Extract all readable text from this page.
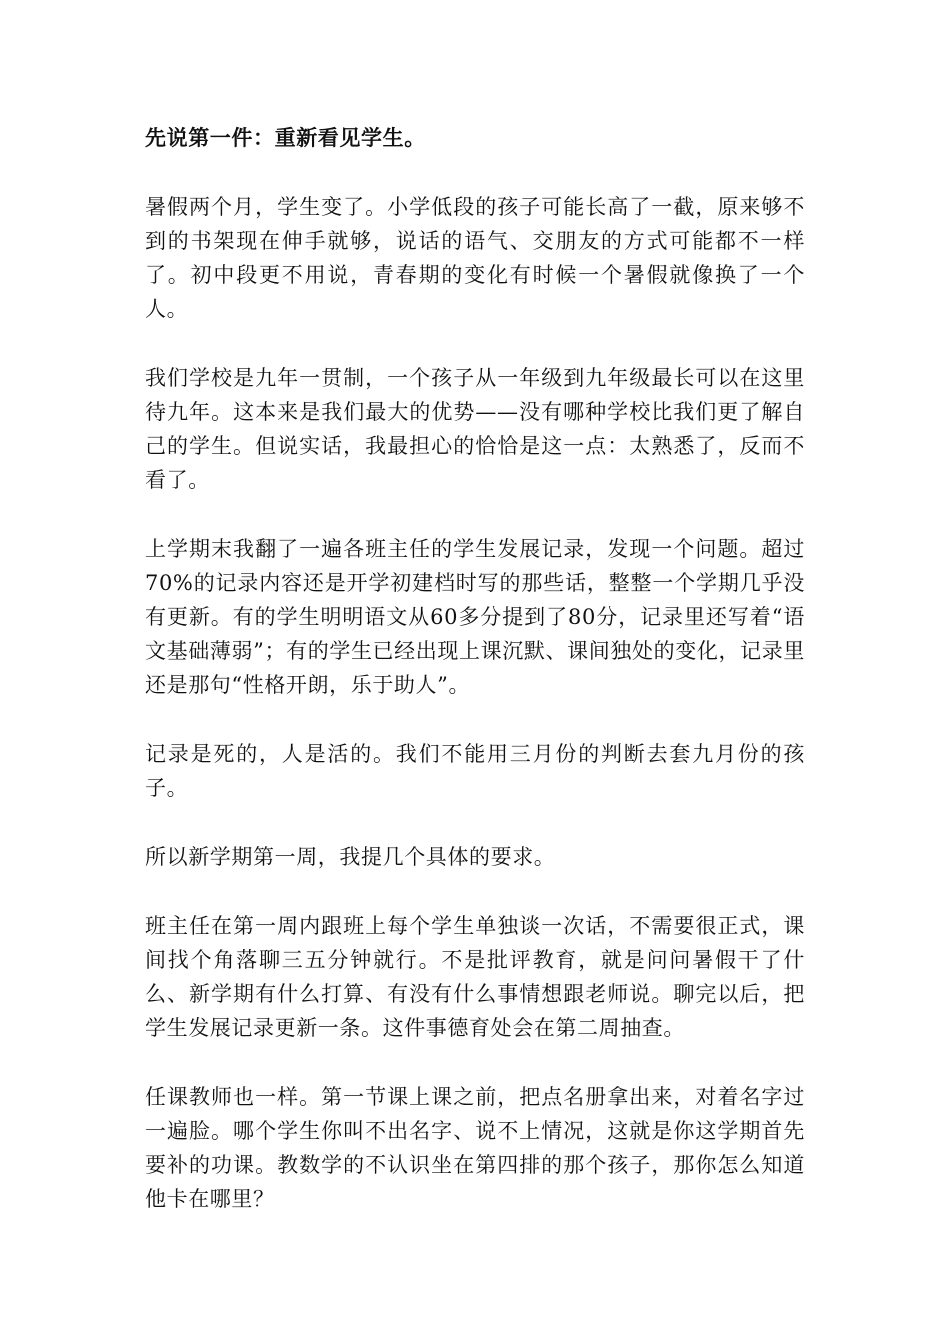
先说第一件：重新看见学生。

暑假两个月，学生变了。小学低段的孩子可能长高了一截，原来够不到的书架现在伸手就够，说话的语气、交朋友的方式可能都不一样了。初中段更不用说，青春期的变化有时候一个暑假就像换了一个人。

我们学校是九年一贯制，一个孩子从一年级到九年级最长可以在这里待九年。这本来是我们最大的优势——没有哪种学校比我们更了解自己的学生。但说实话，我最担心的恰恰是这一点：太熟悉了，反而不看了。

上学期末我翻了一遍各班主任的学生发展记录，发现一个问题。超过70%的记录内容还是开学初建档时写的那些话，整整一个学期几乎没有更新。有的学生明明语文从60多分提到了80分，记录里还写着“语文基础薄弱”；有的学生已经出现上课沉默、课间独处的变化，记录里还是那句“性格开朗，乐于助人”。

记录是死的，人是活的。我们不能用三月份的判断去套九月份的孩子。

所以新学期第一周，我提几个具体的要求。

班主任在第一周内跟班上每个学生单独谈一次话，不需要很正式，课间找个角落聊三五分钟就行。不是批评教育，就是问问暑假干了什么、新学期有什么打算、有没有什么事情想跟老师说。聊完以后，把学生发展记录更新一条。这件事德育处会在第二周抽查。

任课教师也一样。第一节课上课之前，把点名册拿出来，对着名字过一遍脸。哪个学生你叫不出名字、说不上情况，这就是你这学期首先要补的功课。教数学的不认识坐在第四排的那个孩子，那你怎么知道他卡在哪里？
